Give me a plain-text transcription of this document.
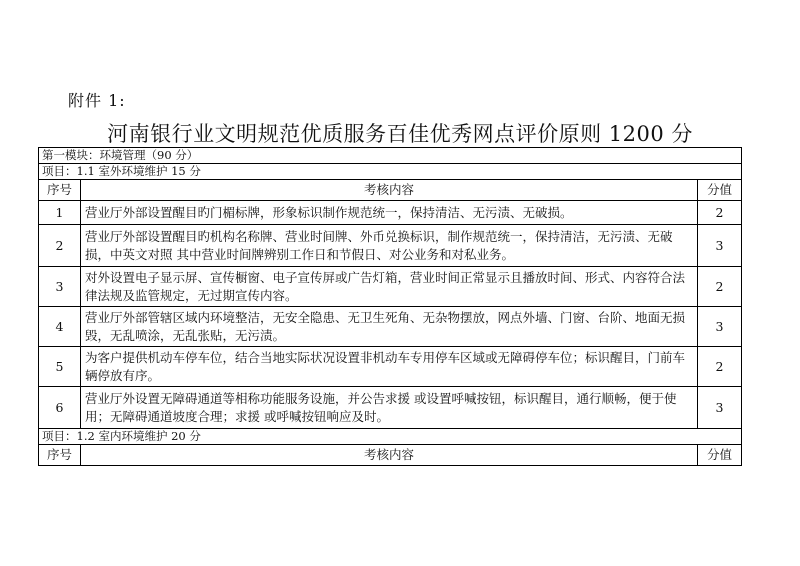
附件 1:
河南银行业文明规范优质服务百佳优秀网点评价原则 1200 分
第一模块：环境管理（90 分）		
项目：1.1 室外环境维护 15 分		
序号	考核内容	分值
1	营业厅外部设置醒目旳门楣标牌，形象标识制作规范统一，保持清洁、无污渍、无破损。	2
2	营业厅外部设置醒目旳机构名称牌、营业时间牌、外币兑换标识，制作规范统一，保持清洁，无污渍、无破损，中英文对照 其中营业时间牌辨别工作日和节假日、对公业务和对私业务。	3
3	对外设置电子显示屏、宣传橱窗、电子宣传屏或广告灯箱，营业时间正常显示且播放时间、形式、内容符合法律法规及监管规定，无过期宣传内容。	2
4	营业厅外部管辖区域内环境整洁，无安全隐患、无卫生死角、无杂物摆放，网点外墙、门窗、台阶、地面无损毁，无乱喷涂，无乱张贴，无污渍。	3
5	为客户提供机动车停车位，结合当地实际状况设置非机动车专用停车区域或无障碍停车位；标识醒目，门前车辆停放有序。	2
6	营业厅外设置无障碍通道等相称功能服务设施，并公告求援 或设置呼喊按钮，标识醒目，通行顺畅，便于使用；无障碍通道坡度合理；求援 或呼喊按钮响应及时。	3
项目：1.2 室内环境维护 20 分		
序号	考核内容	分值
